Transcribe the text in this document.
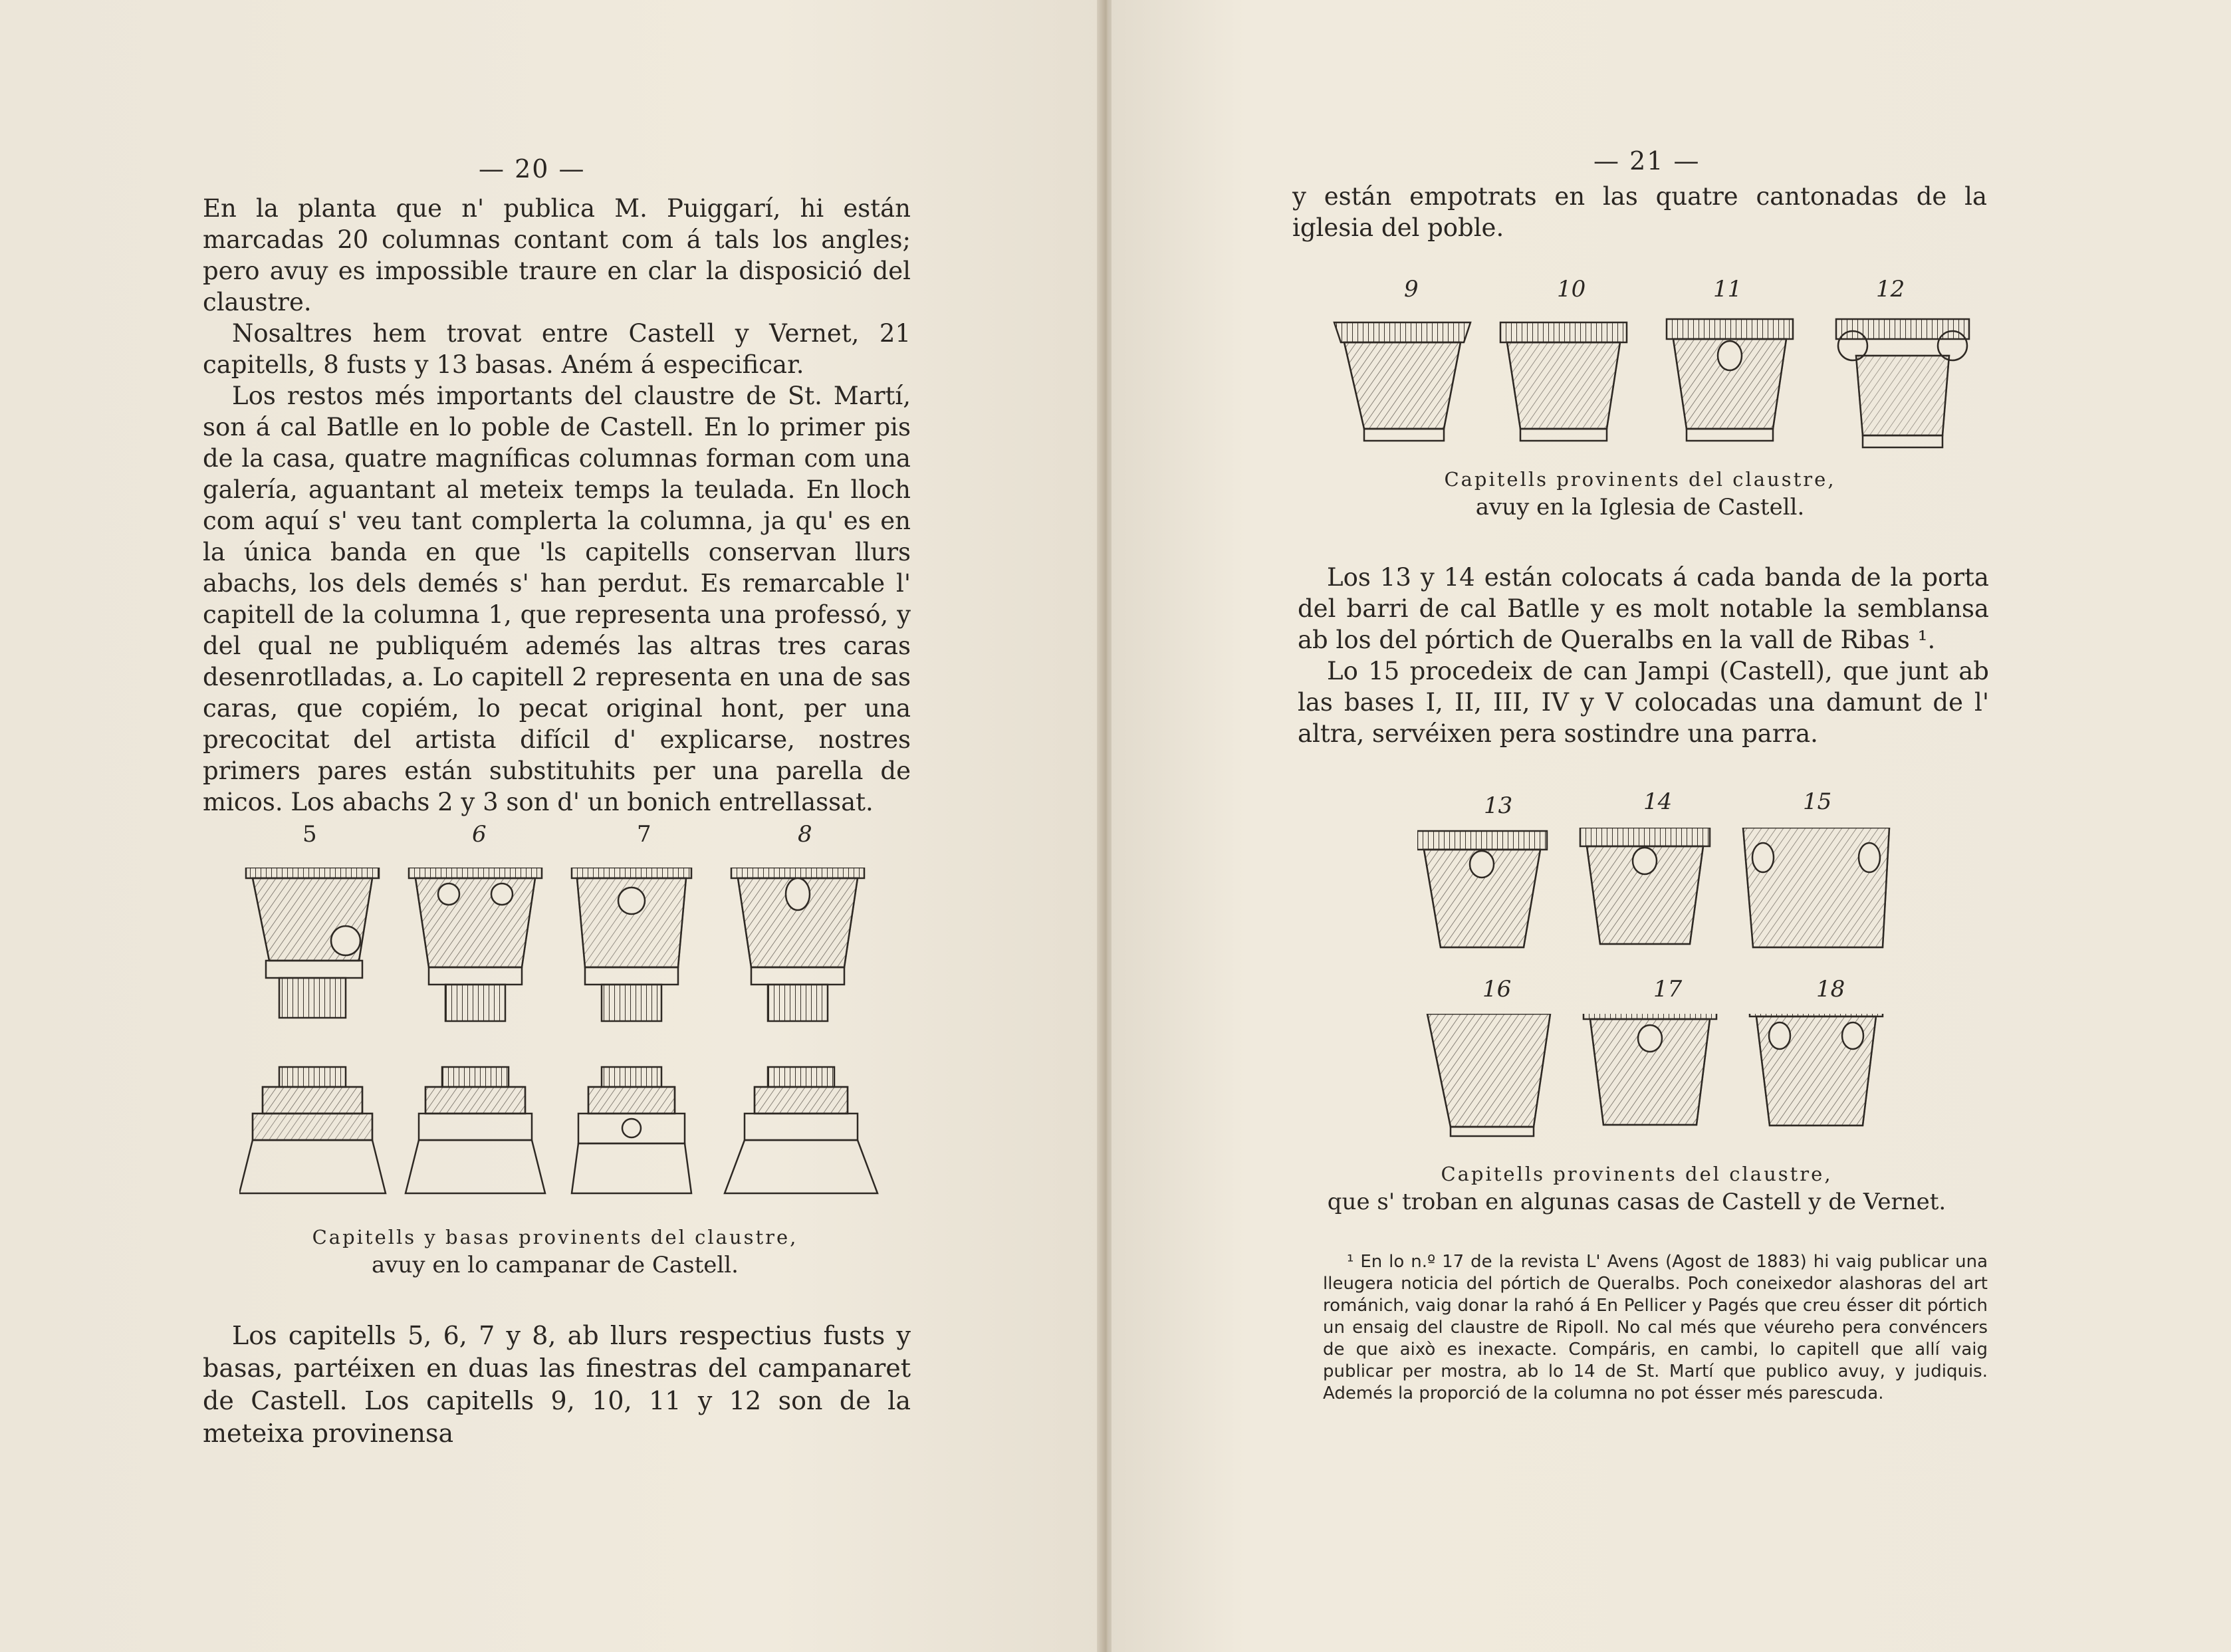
— 20 —

En la planta que n' publica M. Puiggarí, hi están marcadas 20 columnas contant com á tals los angles; pero avuy es impossible traure en clar la disposició del claustre.

Nosaltres hem trovat entre Castell y Vernet, 21 capitells, 8 fusts y 13 basas. Aném á especificar.

Los restos més importants del claustre de St. Martí, son á cal Batlle en lo poble de Castell. En lo primer pis de la casa, quatre magníficas columnas forman com una galería, aguantant al meteix temps la teulada. En lloch com aquí s' veu tant complerta la columna, ja qu' es en la única banda en que 'ls capitells conservan llurs abachs, los dels demés s' han perdut. Es remarcable l' capitell de la columna 1, que representa una professó, y del qual ne publiquém ademés las altras tres caras desenrotlladas, a. Lo capitell 2 representa en una de sas caras, que copiém, lo pecat original hont, per una precocitat del artista difícil d' explicarse, nostres primers pares están substituhits per una parella de micos. Los abachs 2 y 3 son d' un bonich entrellassat.

5	6	7	8
Capitells y basas provinents del claustre,
avuy en lo campanar de Castell.

Los capitells 5, 6, 7 y 8, ab llurs respectius fusts y basas, partéixen en duas las finestras del campanaret de Castell. Los capitells 9, 10, 11 y 12 son de la meteixa provinensa

— 21 —

y están empotrats en las quatre cantonadas de la iglesia del poble.

9	10	11	12
Capitells provinents del claustre,
avuy en la Iglesia de Castell.

Los 13 y 14 están colocats á cada banda de la porta del barri de cal Batlle y es molt notable la semblansa ab los del pórtich de Queralbs en la vall de Ribas ¹.

Lo 15 procedeix de can Jampi (Castell), que junt ab las bases I, II, III, IV y V colocadas una damunt de l' altra, servéixen pera sostindre una parra.

13	14	15
16	17	18
Capitells provinents del claustre,
que s' troban en algunas casas de Castell y de Vernet.

¹ En lo n.º 17 de la revista L' Avens (Agost de 1883) hi vaig publicar una lleugera noticia del pórtich de Queralbs. Poch coneixedor alashoras del art románich, vaig donar la rahó á En Pellicer y Pagés que creu ésser dit pórtich un ensaig del claustre de Ripoll. No cal més que véureho pera convéncers de que això es inexacte. Compáris, en cambi, lo capitell que allí vaig publicar per mostra, ab lo 14 de St. Martí que publico avuy, y judiquis. Ademés la proporció de la columna no pot ésser més parescuda.
